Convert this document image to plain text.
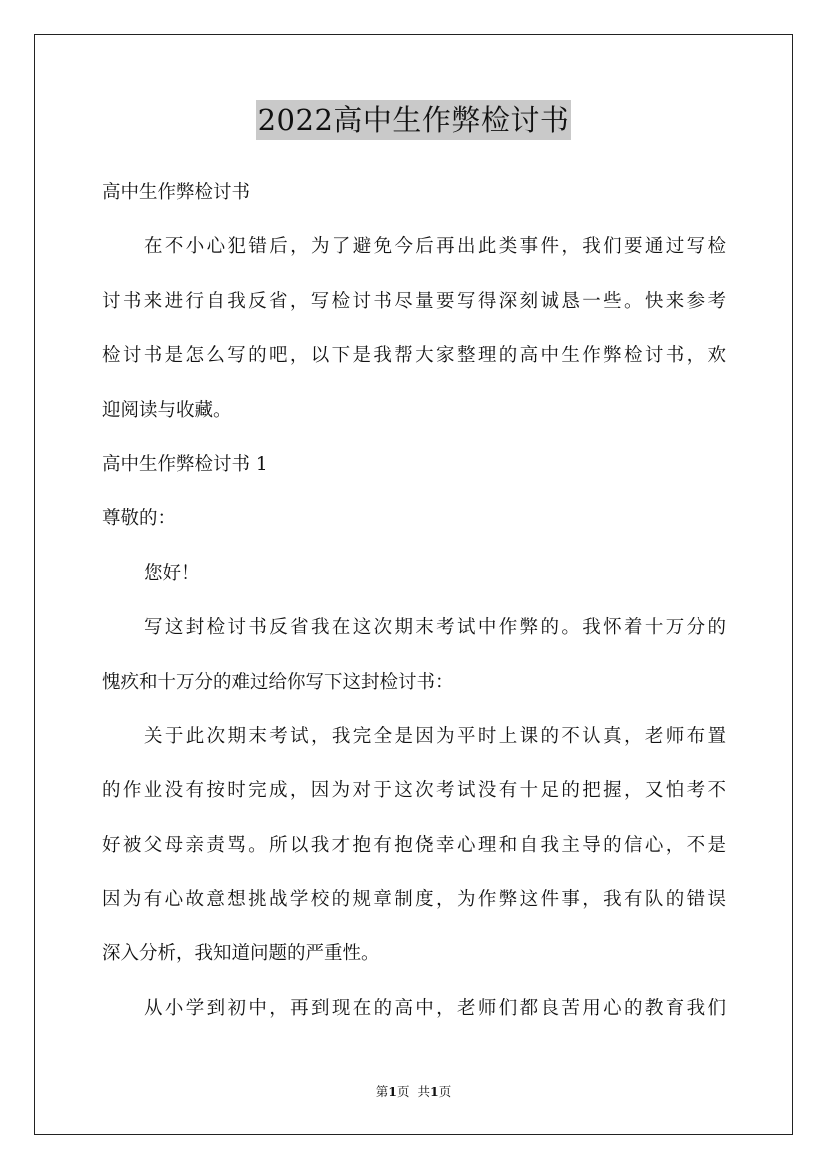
2022高中生作弊检讨书
高中生作弊检讨书
在不小心犯错后，为了避免今后再出此类事件，我们要通过写检
讨书来进行自我反省，写检讨书尽量要写得深刻诚恳一些。快来参考
检讨书是怎么写的吧，以下是我帮大家整理的高中生作弊检讨书，欢
迎阅读与收藏。
高中生作弊检讨书 1
尊敬的：
您好！
写这封检讨书反省我在这次期末考试中作弊的。我怀着十万分的
愧疚和十万分的难过给你写下这封检讨书：
关于此次期末考试，我完全是因为平时上课的不认真，老师布置
的作业没有按时完成，因为对于这次考试没有十足的把握，又怕考不
好被父母亲责骂。所以我才抱有抱侥幸心理和自我主导的信心，不是
因为有心故意想挑战学校的规章制度，为作弊这件事，我有队的错误
深入分析，我知道问题的严重性。
从小学到初中，再到现在的高中，老师们都良苦用心的教育我们
第1页 共1页
